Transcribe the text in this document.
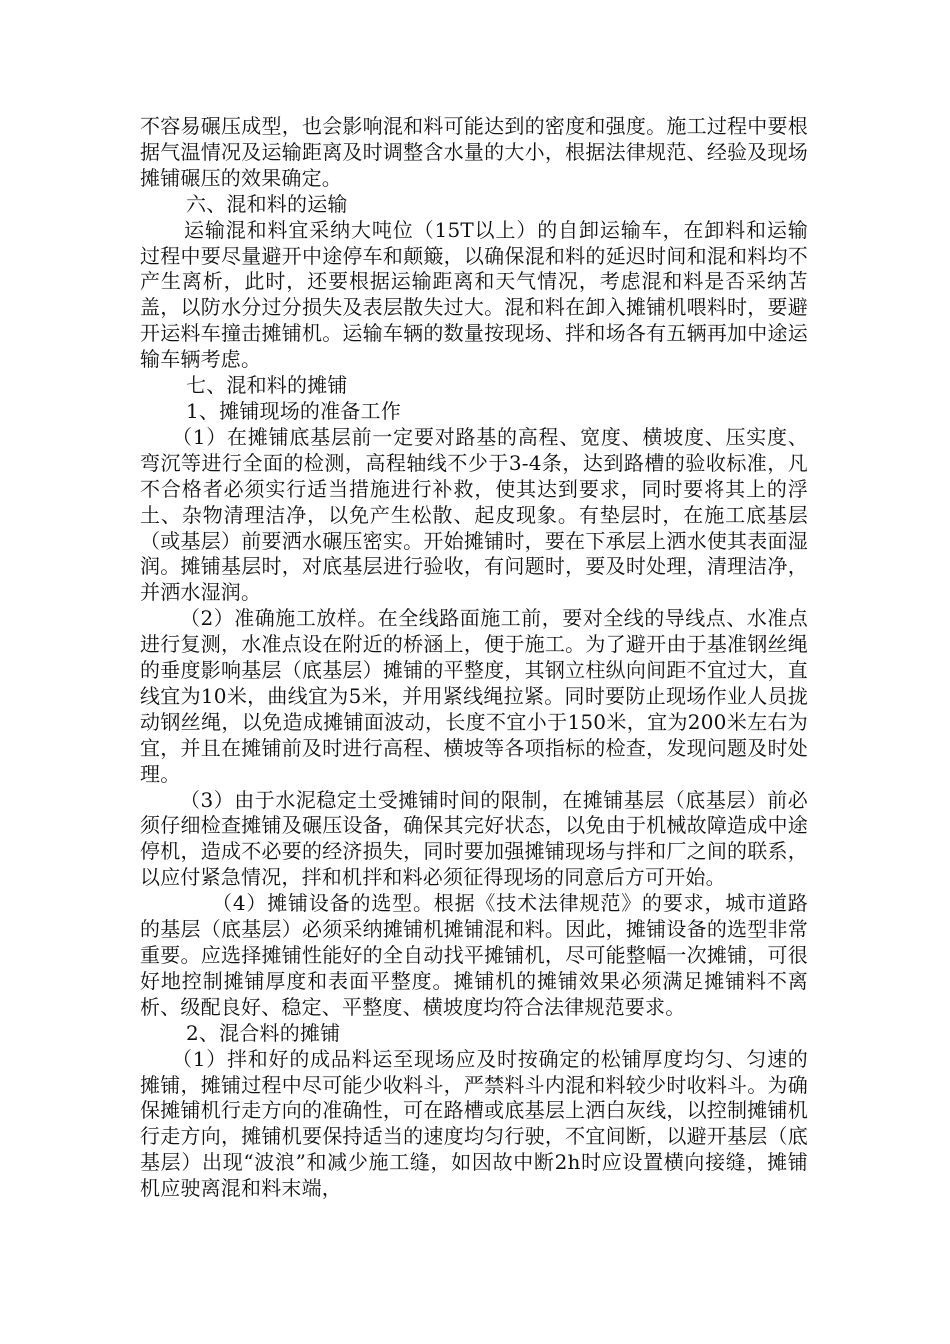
不容易碾压成型，也会影响混和料可能达到的密度和强度。施工过程中要根据气温情况及运输距离及时调整含水量的大小，根据法律规范、经验及现场摊铺碾压的效果确定。

六、混和料的运输

运输混和料宜采纳大吨位（15T以上）的自卸运输车，在卸料和运输过程中要尽量避开中途停车和颠簸，以确保混和料的延迟时间和混和料均不产生离析，此时，还要根据运输距离和天气情况，考虑混和料是否采纳苫盖，以防水分过分损失及表层散失过大。混和料在卸入摊铺机喂料时，要避开运料车撞击摊铺机。运输车辆的数量按现场、拌和场各有五辆再加中途运输车辆考虑。

七、混和料的摊铺

1、摊铺现场的准备工作

（1）在摊铺底基层前一定要对路基的高程、宽度、横坡度、压实度、弯沉等进行全面的检测，高程轴线不少于3-4条，达到路槽的验收标准，凡不合格者必须实行适当措施进行补救，使其达到要求，同时要将其上的浮土、杂物清理洁净，以免产生松散、起皮现象。有垫层时，在施工底基层（或基层）前要洒水碾压密实。开始摊铺时，要在下承层上洒水使其表面湿润。摊铺基层时，对底基层进行验收，有问题时，要及时处理，清理洁净，并洒水湿润。

（2）准确施工放样。在全线路面施工前，要对全线的导线点、水准点进行复测，水准点设在附近的桥涵上，便于施工。为了避开由于基准钢丝绳的垂度影响基层（底基层）摊铺的平整度，其钢立柱纵向间距不宜过大，直线宜为10米，曲线宜为5米，并用紧线绳拉紧。同时要防止现场作业人员拢动钢丝绳，以免造成摊铺面波动，长度不宜小于150米，宜为200米左右为宜，并且在摊铺前及时进行高程、横坡等各项指标的检查，发现问题及时处理。

（3）由于水泥稳定土受摊铺时间的限制，在摊铺基层（底基层）前必须仔细检查摊铺及碾压设备，确保其完好状态，以免由于机械故障造成中途停机，造成不必要的经济损失，同时要加强摊铺现场与拌和厂之间的联系，以应付紧急情况，拌和机拌和料必须征得现场的同意后方可开始。

（4）摊铺设备的选型。根据《技术法律规范》的要求，城市道路的基层（底基层）必须采纳摊铺机摊铺混和料。因此，摊铺设备的选型非常重要。应选择摊铺性能好的全自动找平摊铺机，尽可能整幅一次摊铺，可很好地控制摊铺厚度和表面平整度。摊铺机的摊铺效果必须满足摊铺料不离析、级配良好、稳定、平整度、横坡度均符合法律规范要求。

2、混合料的摊铺

（1）拌和好的成品料运至现场应及时按确定的松铺厚度均匀、匀速的摊铺，摊铺过程中尽可能少收料斗，严禁料斗内混和料较少时收料斗。为确保摊铺机行走方向的准确性，可在路槽或底基层上洒白灰线，以控制摊铺机行走方向，摊铺机要保持适当的速度均匀行驶，不宜间断，以避开基层（底基层）出现“波浪”和减少施工缝，如因故中断2h时应设置横向接缝，摊铺机应驶离混和料末端，
